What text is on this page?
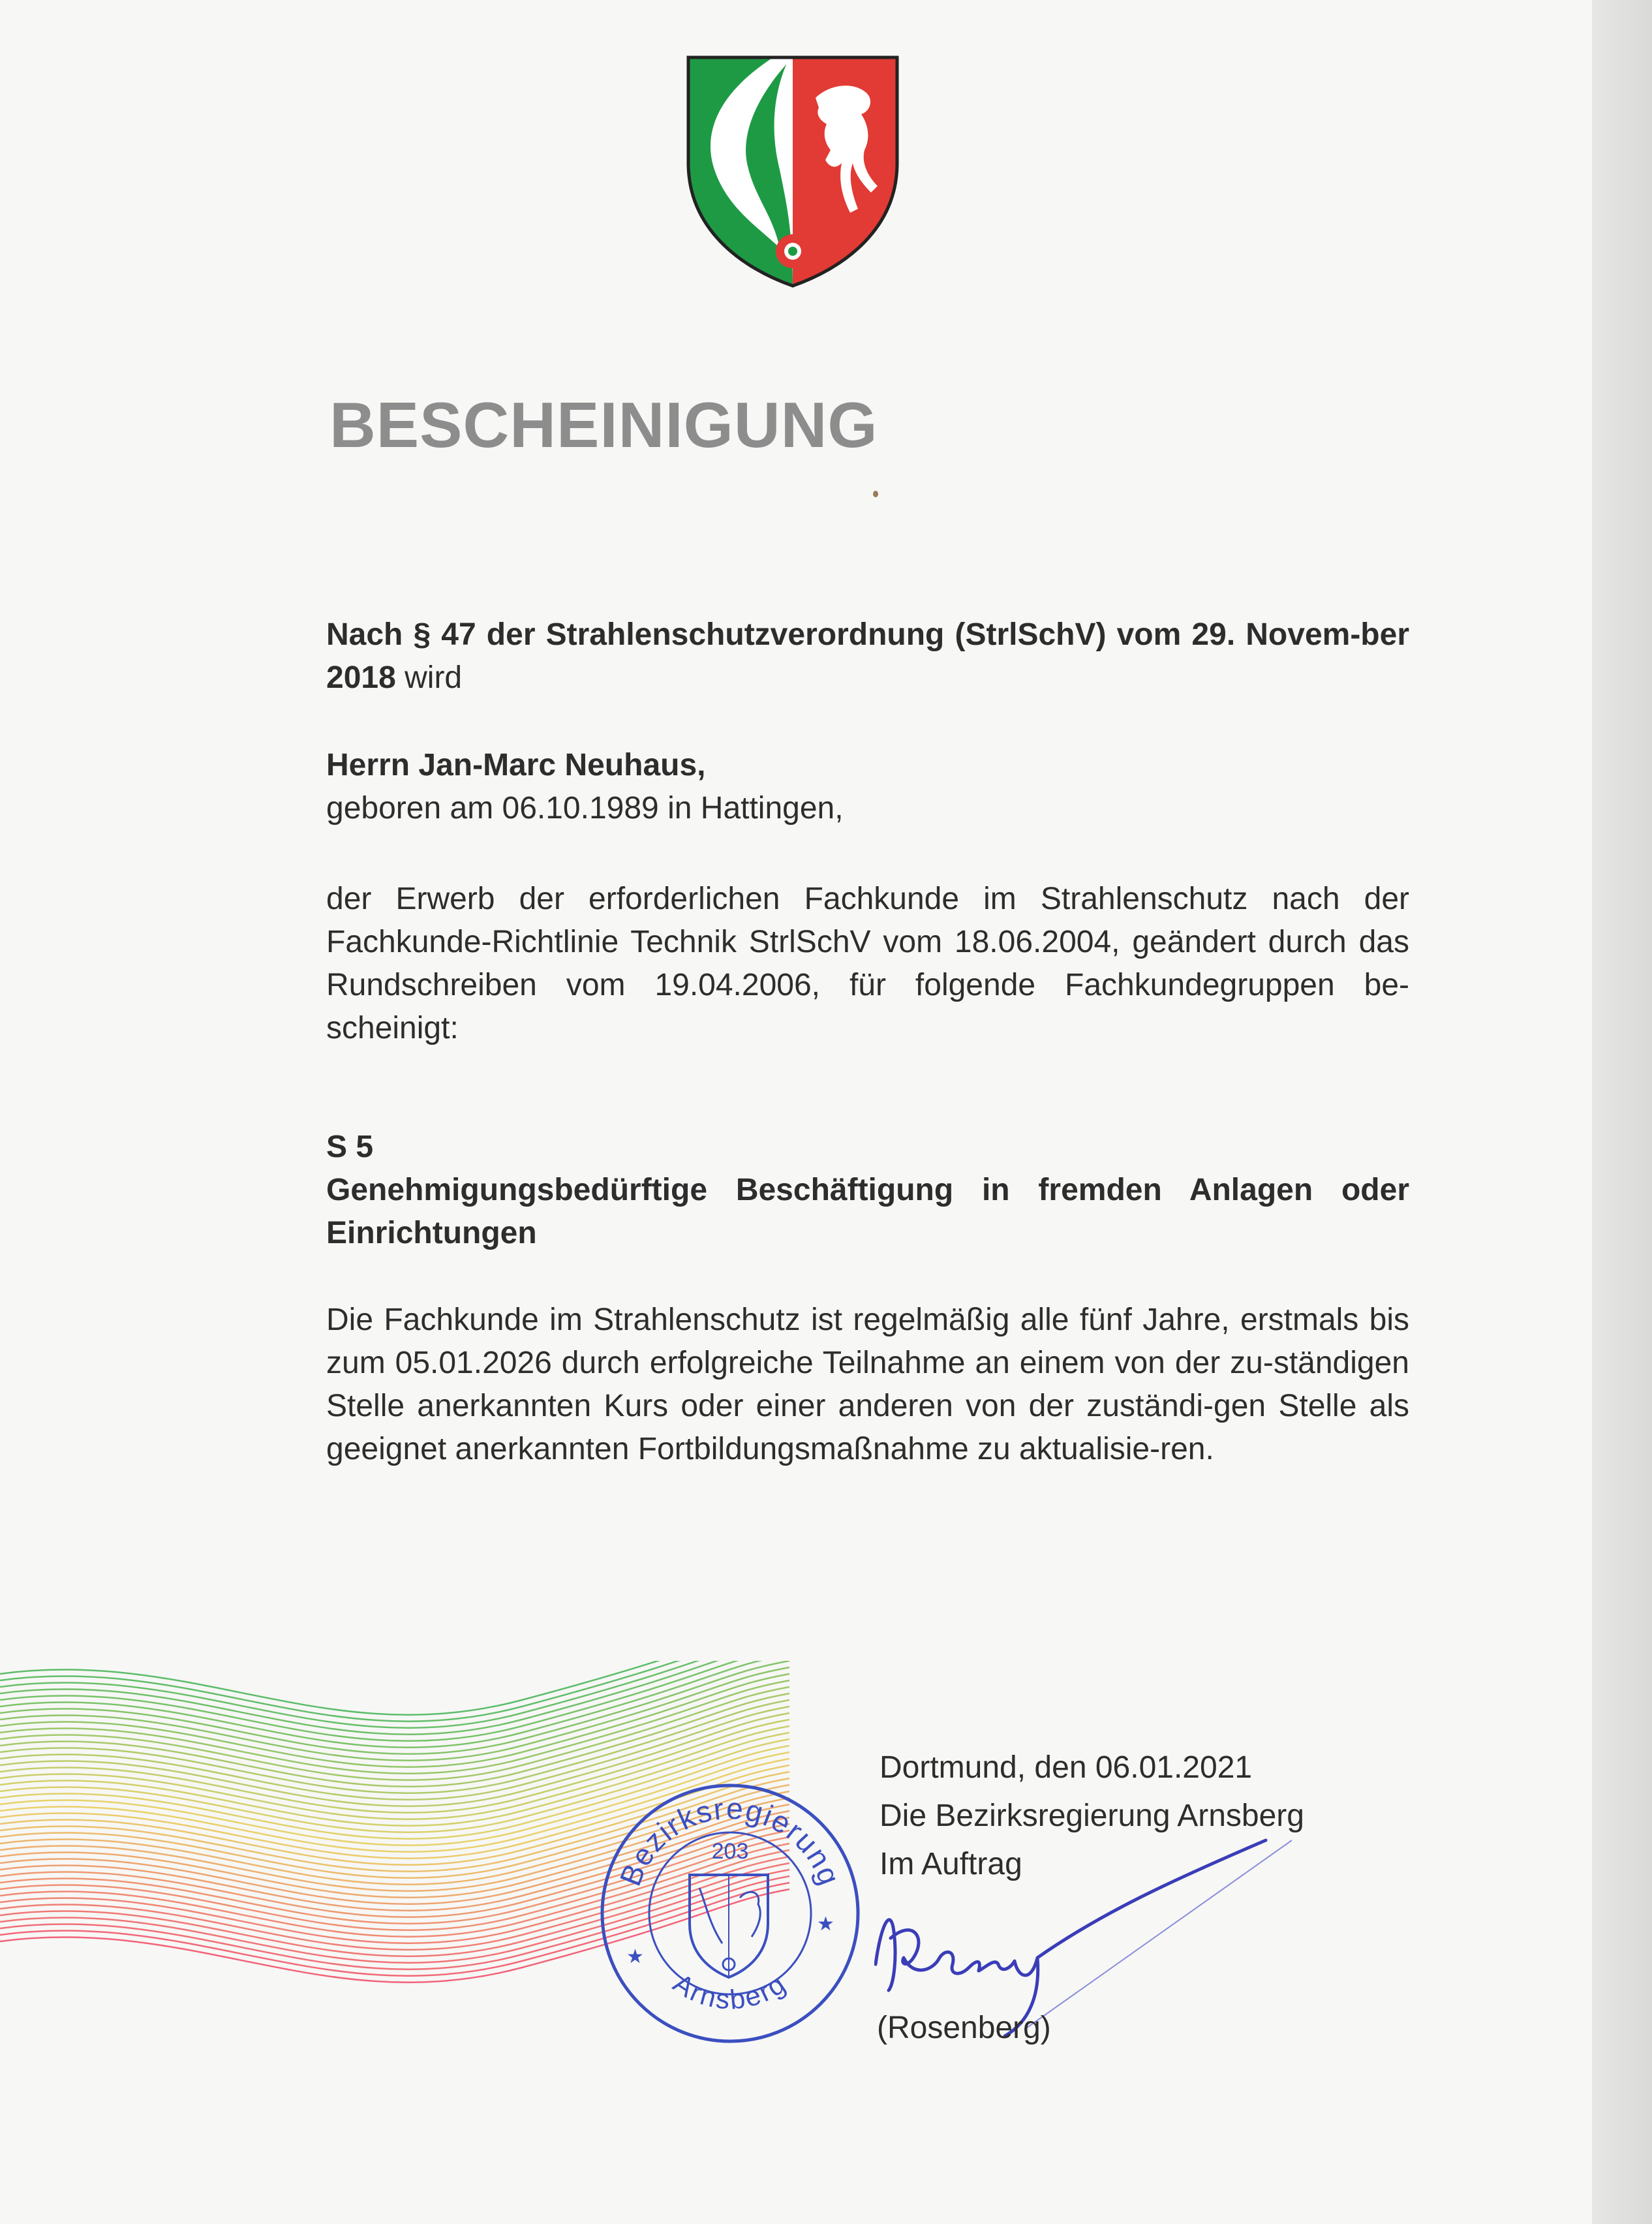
BESCHEINIGUNG

Nach § 47 der Strahlenschutzverordnung (StrlSchV) vom 29. Novem-ber 2018 wird

Herrn Jan-Marc Neuhaus,

geboren am 06.10.1989 in Hattingen,

der Erwerb der erforderlichen Fachkunde im Strahlenschutz nach der Fachkunde-Richtlinie Technik StrlSchV vom 18.06.2004, geändert durch das Rundschreiben vom 19.04.2006, für folgende Fachkundegruppen be-scheinigt:

S 5

Genehmigungsbedürftige Beschäftigung in fremden Anlagen oder Einrichtungen

Die Fachkunde im Strahlenschutz ist regelmäßig alle fünf Jahre, erstmals bis zum 05.01.2026 durch erfolgreiche Teilnahme an einem von der zu-ständigen Stelle anerkannten Kurs oder einer anderen von der zuständi-gen Stelle als geeignet anerkannten Fortbildungsmaßnahme zu aktualisie-ren.

Bezirksregierung
Arnsberg
203
★
★

Dortmund, den 06.01.2021

Die Bezirksregierung Arnsberg

Im Auftrag

(Rosenberg)
